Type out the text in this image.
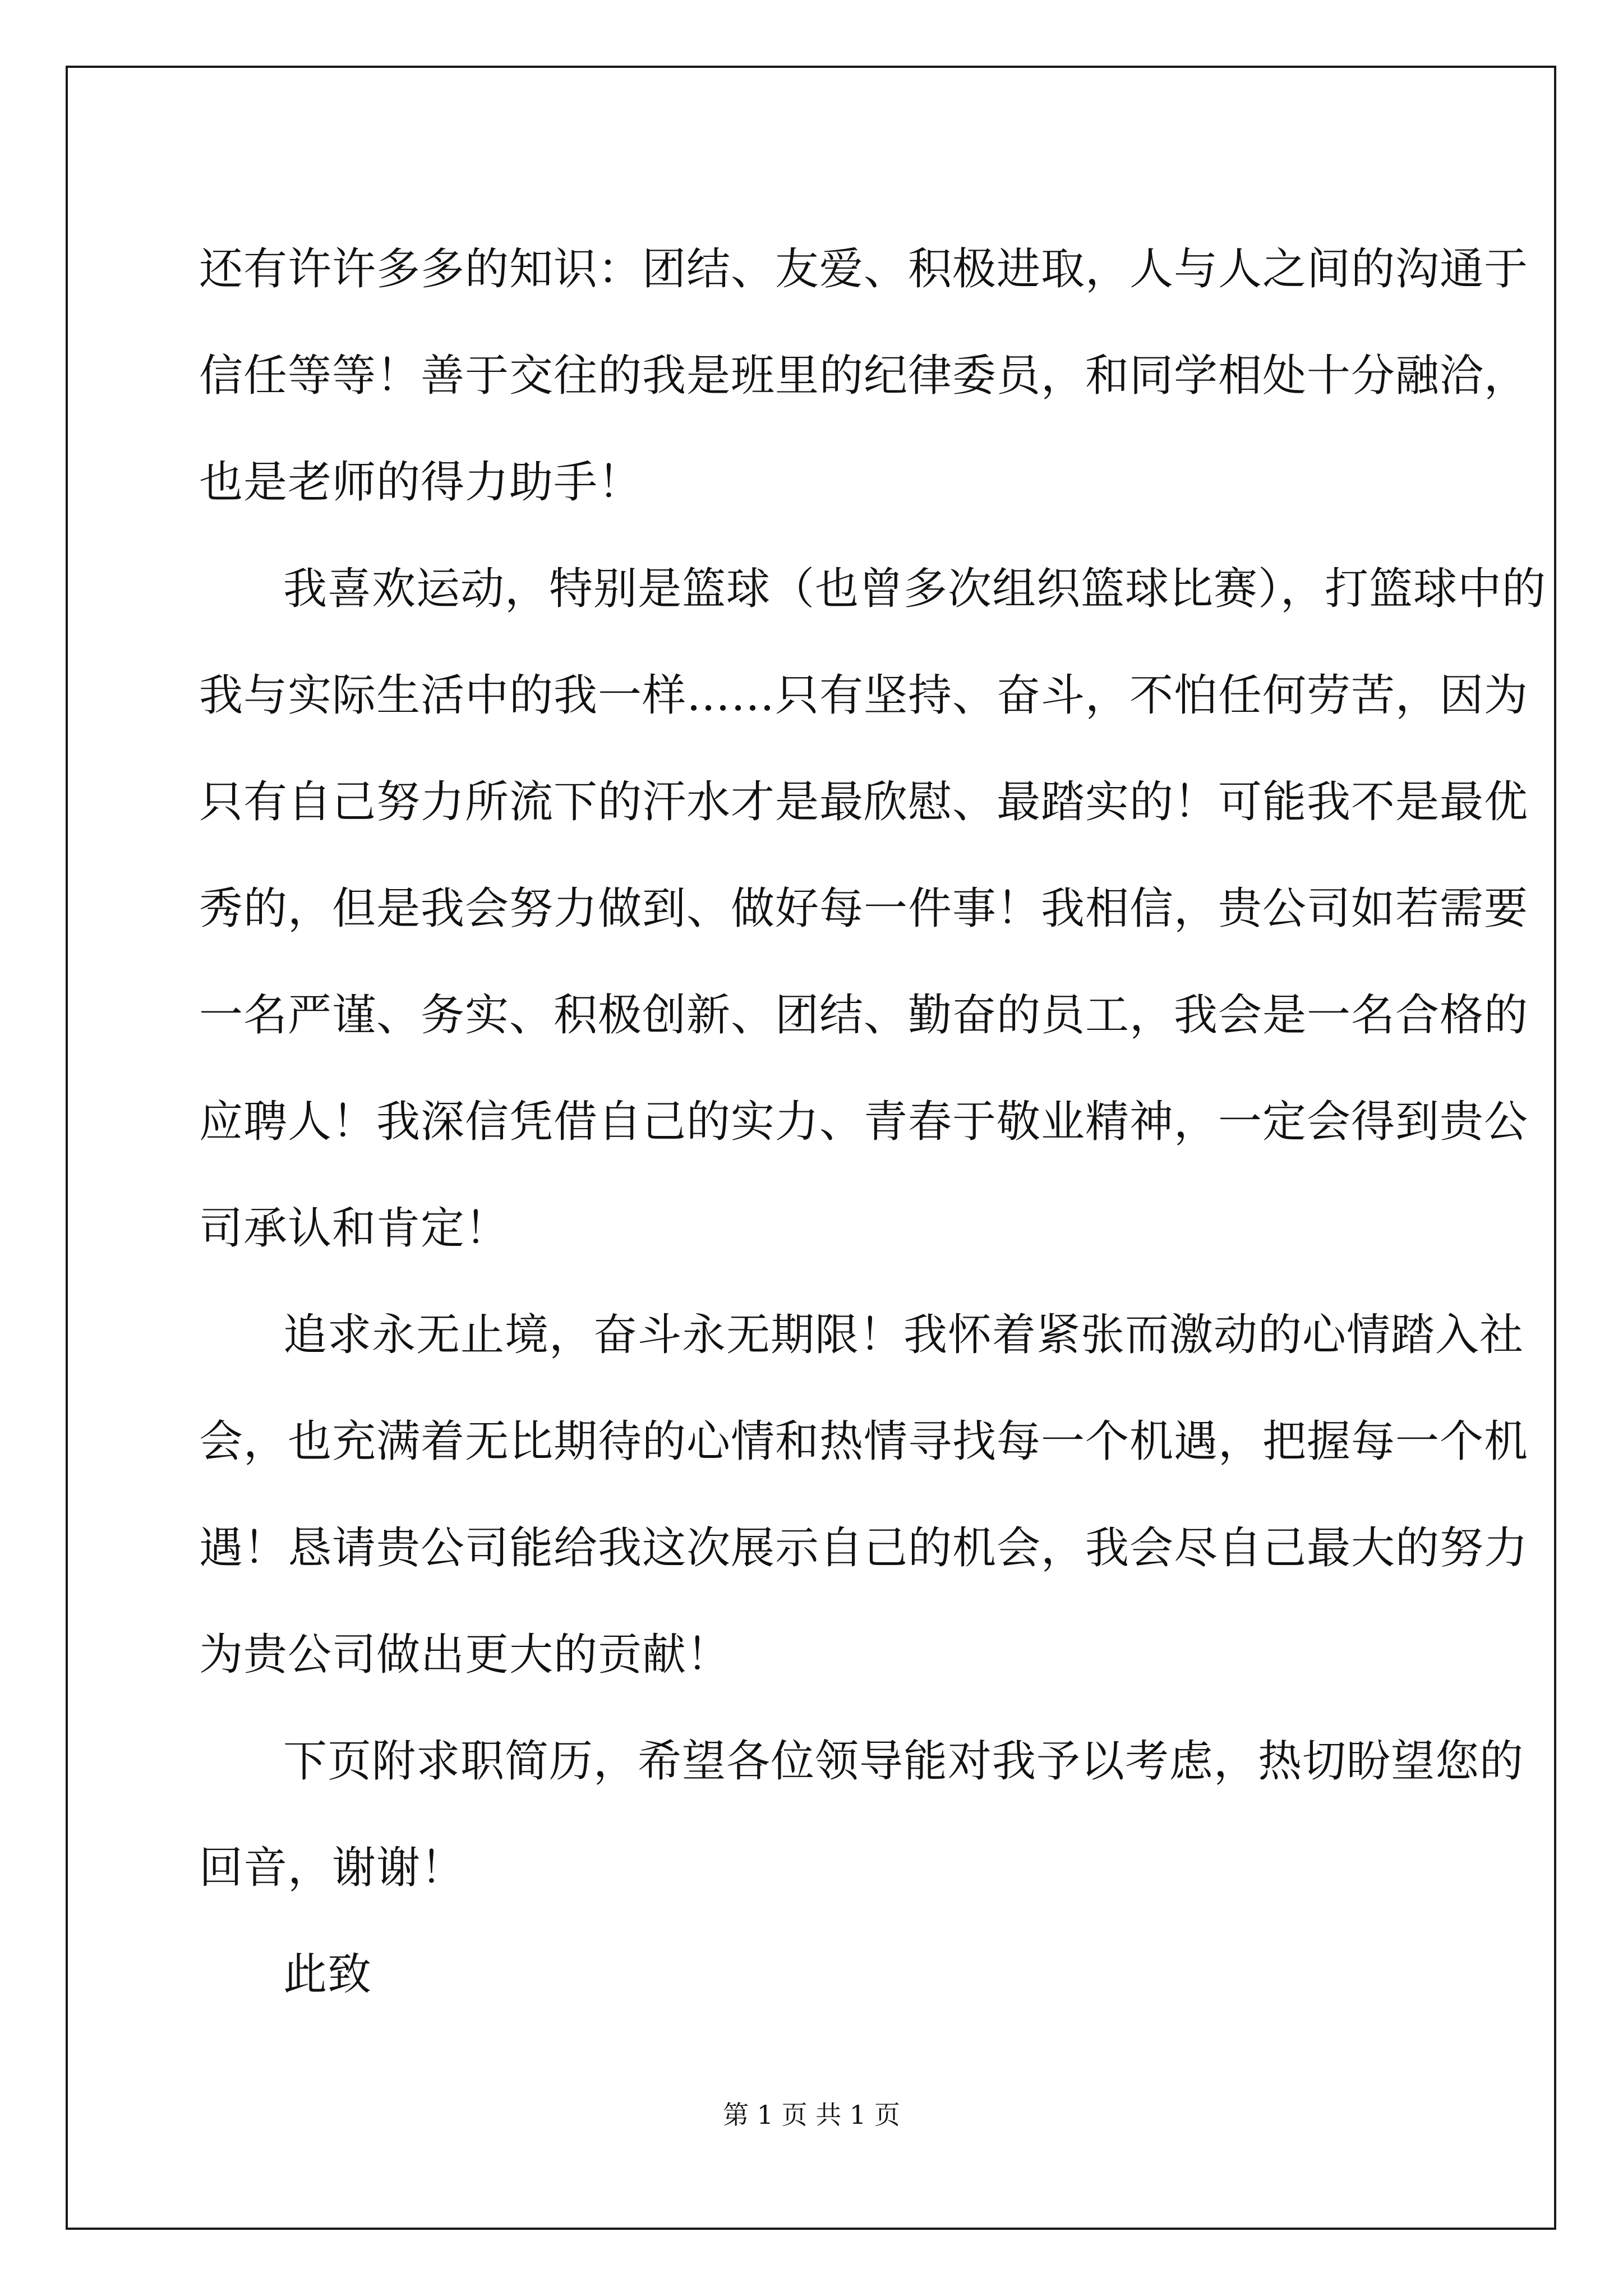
还有许许多多的知识：团结、友爱、积极进取，人与人之间的沟通于
信任等等！善于交往的我是班里的纪律委员，和同学相处十分融洽，
也是老师的得力助手！
我喜欢运动，特别是篮球（也曾多次组织篮球比赛），打篮球中的
我与实际生活中的我一样……只有坚持、奋斗，不怕任何劳苦，因为
只有自己努力所流下的汗水才是最欣慰、最踏实的！可能我不是最优
秀的，但是我会努力做到、做好每一件事！我相信，贵公司如若需要
一名严谨、务实、积极创新、团结、勤奋的员工，我会是一名合格的
应聘人！我深信凭借自己的实力、青春于敬业精神，一定会得到贵公
司承认和肯定！
追求永无止境，奋斗永无期限！我怀着紧张而激动的心情踏入社
会，也充满着无比期待的心情和热情寻找每一个机遇，把握每一个机
遇！恳请贵公司能给我这次展示自己的机会，我会尽自己最大的努力
为贵公司做出更大的贡献！
下页附求职简历，希望各位领导能对我予以考虑，热切盼望您的
回音，谢谢！
此致
第 1 页 共 1 页
